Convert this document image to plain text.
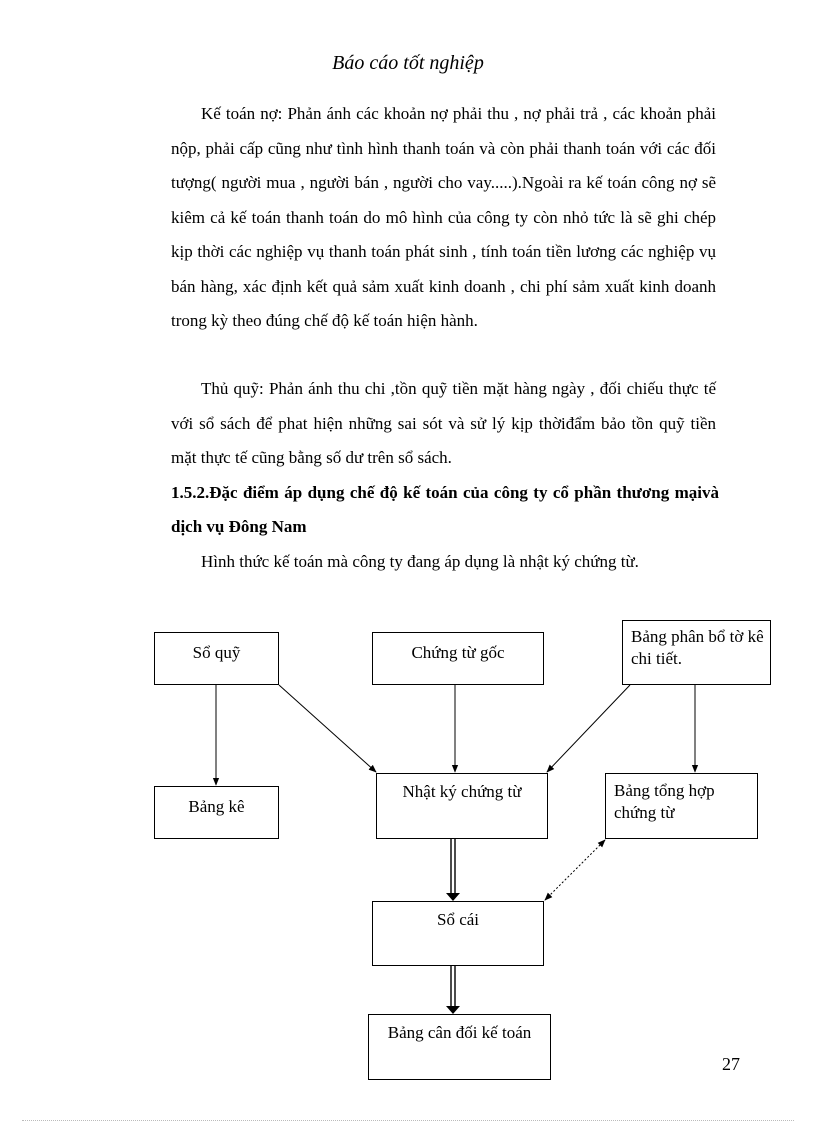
Báo cáo tốt nghiệp

Kế toán nợ: Phản ánh các khoản nợ phải thu , nợ phải trả , các khoản phải nộp, phải cấp cũng như tình hình thanh toán và còn phải thanh toán với các đối tượng( người mua , người bán , người cho vay.....).Ngoài ra kế toán công nợ sẽ kiêm cả kế toán thanh toán do mô hình của công ty còn nhỏ tức là sẽ ghi chép kịp thời các nghiệp vụ thanh toán phát sinh , tính toán tiền lương các nghiệp vụ bán hàng, xác định kết quả sảm xuất kinh doanh , chi phí sảm xuất kinh doanh trong kỳ theo đúng chế độ kế toán hiện hành.

Thủ quỹ: Phản ánh thu chi ,tồn quỹ tiền mặt hàng ngày , đối chiếu thực tế với sổ sách để phat hiện những sai sót và sử lý kịp thờiđẩm bảo tồn quỹ tiền mặt thực tế cũng bằng số dư trên sổ sách.

1.5.2.Đặc điểm áp dụng chế độ kế toán của công ty cổ phần thương mạivà dịch vụ Đông Nam

Hình thức kế toán mà công ty đang áp dụng là nhật ký chứng từ.

Sổ quỹ	Chứng từ gốc
Bảng phân bổ tờ kê chi tiết.
Bảng kê
Nhật ký chứng từ	Bảng tổng hợp chứng từ
Sổ cái
Bảng cân đối kế toán
27
